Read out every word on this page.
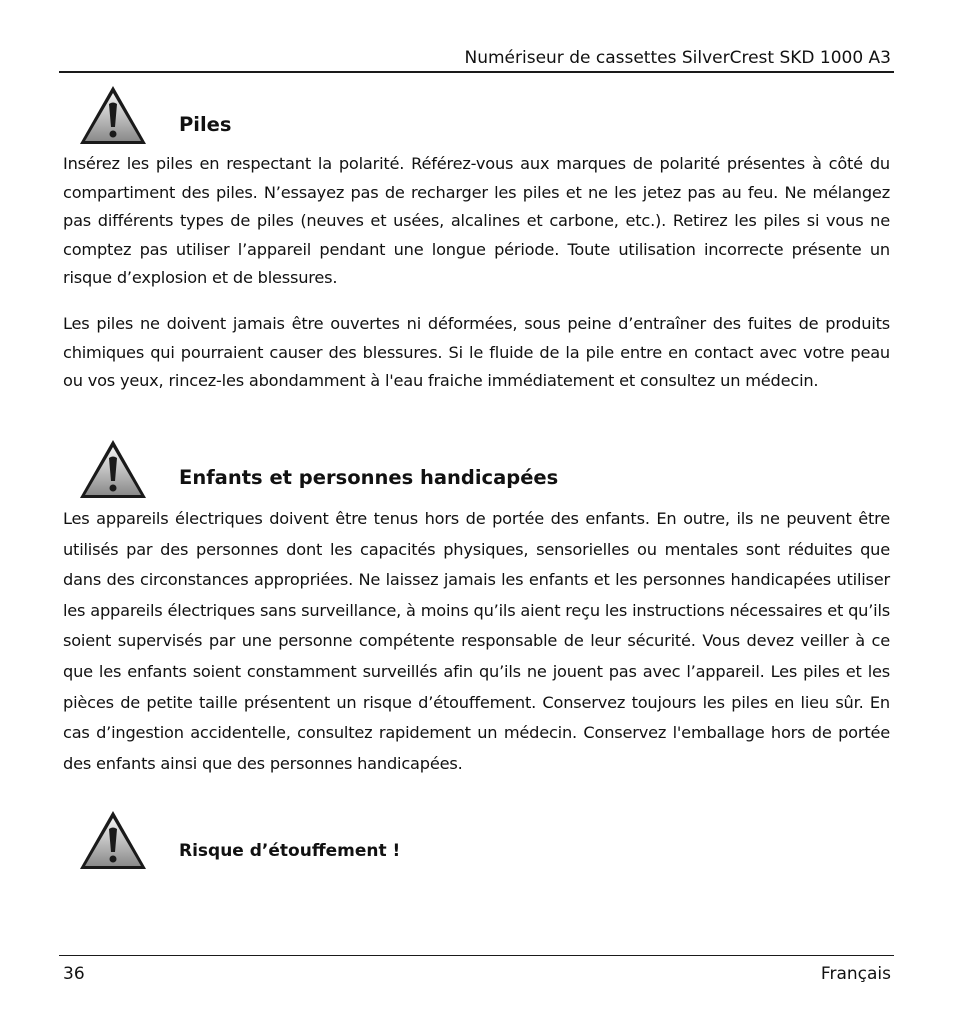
Numériseur de cassettes SilverCrest SKD 1000 A3
Piles

Insérez les piles en respectant la polarité. Référez-vous aux marques de polarité présentes à côté du compartiment des piles. N’essayez pas de recharger les piles et ne les jetez pas au feu. Ne mélangez pas différents types de piles (neuves et usées, alcalines et carbone, etc.). Retirez les piles si vous ne comptez pas utiliser l’appareil pendant une longue période. Toute utilisation incorrecte présente un risque d’explosion et de blessures.

Les piles ne doivent jamais être ouvertes ni déformées, sous peine d’entraîner des fuites de produits chimiques qui pourraient causer des blessures. Si le fluide de la pile entre en contact avec votre peau ou vos yeux, rincez-les abondamment à l'eau fraiche immédiatement et consultez un médecin.

Enfants et personnes handicapées

Les appareils électriques doivent être tenus hors de portée des enfants. En outre, ils ne peuvent être utilisés par des personnes dont les capacités physiques, sensorielles ou mentales sont réduites que dans des circonstances appropriées. Ne laissez jamais les enfants et les personnes handicapées utiliser les appareils électriques sans surveillance, à moins qu’ils aient reçu les instructions nécessaires et qu’ils soient supervisés par une personne compétente responsable de leur sécurité. Vous devez veiller à ce que les enfants soient constamment surveillés afin qu’ils ne jouent pas avec l’appareil. Les piles et les pièces de petite taille présentent un risque d’étouffement. Conservez toujours les piles en lieu sûr. En cas d’ingestion accidentelle, consultez rapidement un médecin. Conservez l'emballage hors de portée des enfants ainsi que des personnes handicapées.

Risque d’étouffement !
36	Français
